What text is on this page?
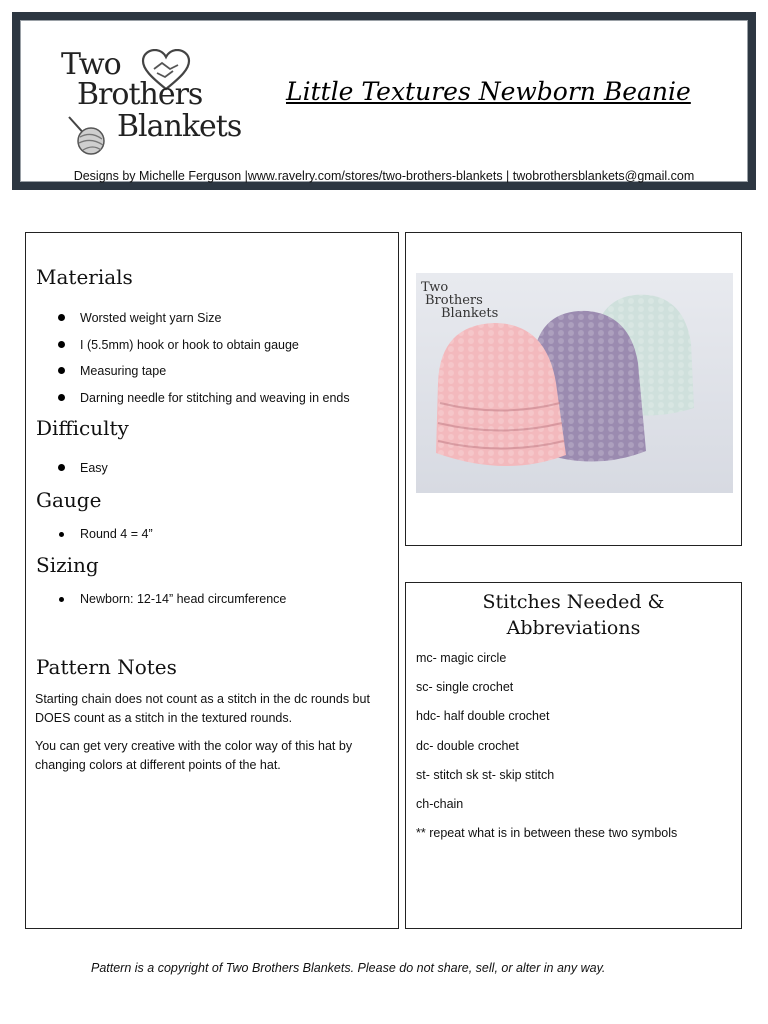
Two
Brothers
Blankets
Little Textures Newborn Beanie
Designs by Michelle Ferguson |www.ravelry.com/stores/two-brothers-blankets | twobrothersblankets@gmail.com
Materials
Worsted weight yarn Size
I (5.5mm) hook or hook to obtain gauge
Measuring tape
Darning needle for stitching and weaving in ends
Difficulty
Easy
Gauge
Round 4 = 4”
Sizing
Newborn: 12-14” head circumference
Pattern Notes

Starting chain does not count as a stitch in the dc rounds but DOES count as a stitch in the textured rounds.

You can get very creative with the color way of this hat by changing colors at different points of the hat.

Two
Brothers
Blankets
Stitches Needed &
Abbreviations
mc- magic circle
sc- single crochet
hdc- half double crochet
dc- double crochet
st- stitch sk st- skip stitch
ch-chain
** repeat what is in between these two symbols
Pattern is a copyright of Two Brothers Blankets. Please do not share, sell, or alter in any way.
